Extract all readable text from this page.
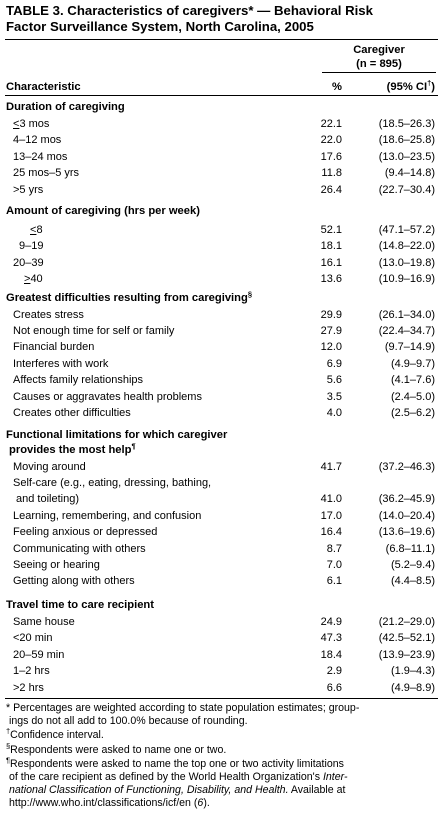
TABLE 3. Characteristics of caregivers* — Behavioral Risk
Factor Surveillance System, North Carolina, 2005
Caregiver
(n = 895)
Characteristic	%	(95% CI†)
Duration of caregiving
<3 mos	22.1	(18.5–26.3)
4–12 mos	22.0	(18.6–25.8)
13–24 mos	17.6	(13.0–23.5)
25 mos–5 yrs	11.8	(9.4–14.8)
>5 yrs	26.4	(22.7–30.4)
Amount of caregiving (hrs per week)
<8	52.1	(47.1–57.2)
9–19	18.1	(14.8–22.0)
20–39	16.1	(13.0–19.8)
>40	13.6	(10.9–16.9)
Greatest difficulties resulting from caregiving§
Creates stress	29.9	(26.1–34.0)
Not enough time for self or family	27.9	(22.4–34.7)
Financial burden	12.0	(9.7–14.9)
Interferes with work	6.9	(4.9–9.7)
Affects family relationships	5.6	(4.1–7.6)
Causes or aggravates health problems	3.5	(2.4–5.0)
Creates other difficulties	4.0	(2.5–6.2)
Functional limitations for which caregiver
provides the most help¶
Moving around	41.7	(37.2–46.3)
Self-care (e.g., eating, dressing, bathing,
and toileting)	41.0	(36.2–45.9)
Learning, remembering, and confusion	17.0	(14.0–20.4)
Feeling anxious or depressed	16.4	(13.6–19.6)
Communicating with others	8.7	(6.8–11.1)
Seeing or hearing	7.0	(5.2–9.4)
Getting along with others	6.1	(4.4–8.5)
Travel time to care recipient
Same house	24.9	(21.2–29.0)
<20 min	47.3	(42.5–52.1)
20–59 min	18.4	(13.9–23.9)
1–2 hrs	2.9	(1.9–4.3)
>2 hrs	6.6	(4.9–8.9)
* Percentages are weighted according to state population estimates; group-
ings do not all add to 100.0% because of rounding.
†Confidence interval.
§Respondents were asked to name one or two.
¶Respondents were asked to name the top one or two activity limitations
of the care recipient as defined by the World Health Organization's Inter-
national Classification of Functioning, Disability, and Health. Available at
http://www.who.int/classifications/icf/en (6).
